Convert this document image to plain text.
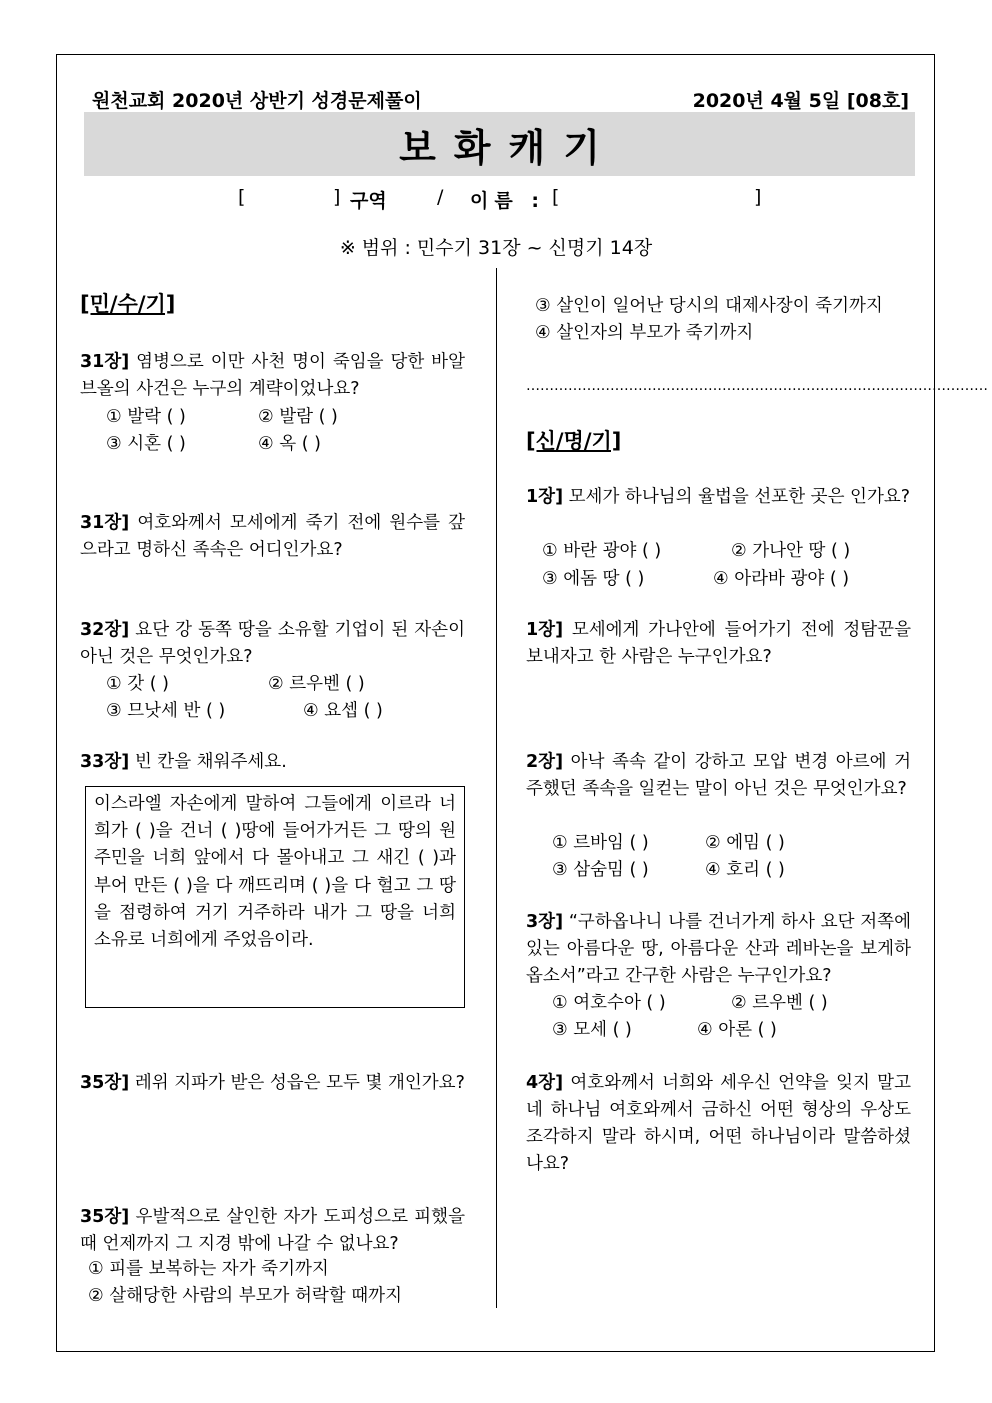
원천교회 2020년 상반기 성경문제풀이	2020년 4월 5일 [08호]
보화캐기
[	] 구역	/ 이름 : [	]
※ 범위 : 민수기 31장 ~ 신명기 14장
[민/수/기]
31장] 염병으로 이만 사천 명이 죽임을 당한 바알브올의 사건은 누구의 계략이었나요?
① 발락 ( )	② 발람 ( )
③ 시혼 ( )	④ 옥 ( )
31장] 여호와께서 모세에게 죽기 전에 원수를 갚으라고 명하신 족속은 어디인가요?
32장] 요단 강 동쪽 땅을 소유할 기업이 된 자손이 아닌 것은 무엇인가요?
① 갓 ( )	② 르우벤 ( )
③ 므낫세 반 ( )	④ 요셉 ( )
33장] 빈 칸을 채워주세요.
이스라엘 자손에게 말하여 그들에게 이르라 너희가 ( )을 건너 ( )땅에 들어가거든 그 땅의 원주민을 너희 앞에서 다 몰아내고 그 새긴 ( )과 부어 만든 ( )을 다 깨뜨리며 ( )을 다 헐고 그 땅을 점령하여 거기 거주하라 내가 그 땅을 너희 소유로 너희에게 주었음이라.
35장] 레위 지파가 받은 성읍은 모두 몇 개인가요?
35장] 우발적으로 살인한 자가 도피성으로 피했을 때 언제까지 그 지경 밖에 나갈 수 없나요?
① 피를 보복하는 자가 죽기까지
② 살해당한 사람의 부모가 허락할 때까지
③ 살인이 일어난 당시의 대제사장이 죽기까지
④ 살인자의 부모가 죽기까지
………………………………………………………………………………………
[신/명/기]
1장] 모세가 하나님의 율법을 선포한 곳은 인가요?
① 바란 광야 ( )	② 가나안 땅 ( )
③ 에돔 땅 ( )	④ 아라바 광야 ( )
1장] 모세에게 가나안에 들어가기 전에 정탐꾼을 보내자고 한 사람은 누구인가요?
2장] 아낙 족속 같이 강하고 모압 변경 아르에 거주했던 족속을 일컫는 말이 아닌 것은 무엇인가요?
① 르바임 ( )	② 에밈 ( )
③ 삼숨밈 ( )	④ 호리 ( )
3장] “구하옵나니 나를 건너가게 하사 요단 저쪽에 있는 아름다운 땅, 아름다운 산과 레바논을 보게하옵소서”라고 간구한 사람은 누구인가요?
① 여호수아 ( )	② 르우벤 ( )
③ 모세 ( )	④ 아론 ( )
4장] 여호와께서 너희와 세우신 언약을 잊지 말고 네 하나님 여호와께서 금하신 어떤 형상의 우상도 조각하지 말라 하시며, 어떤 하나님이라 말씀하셨나요?
